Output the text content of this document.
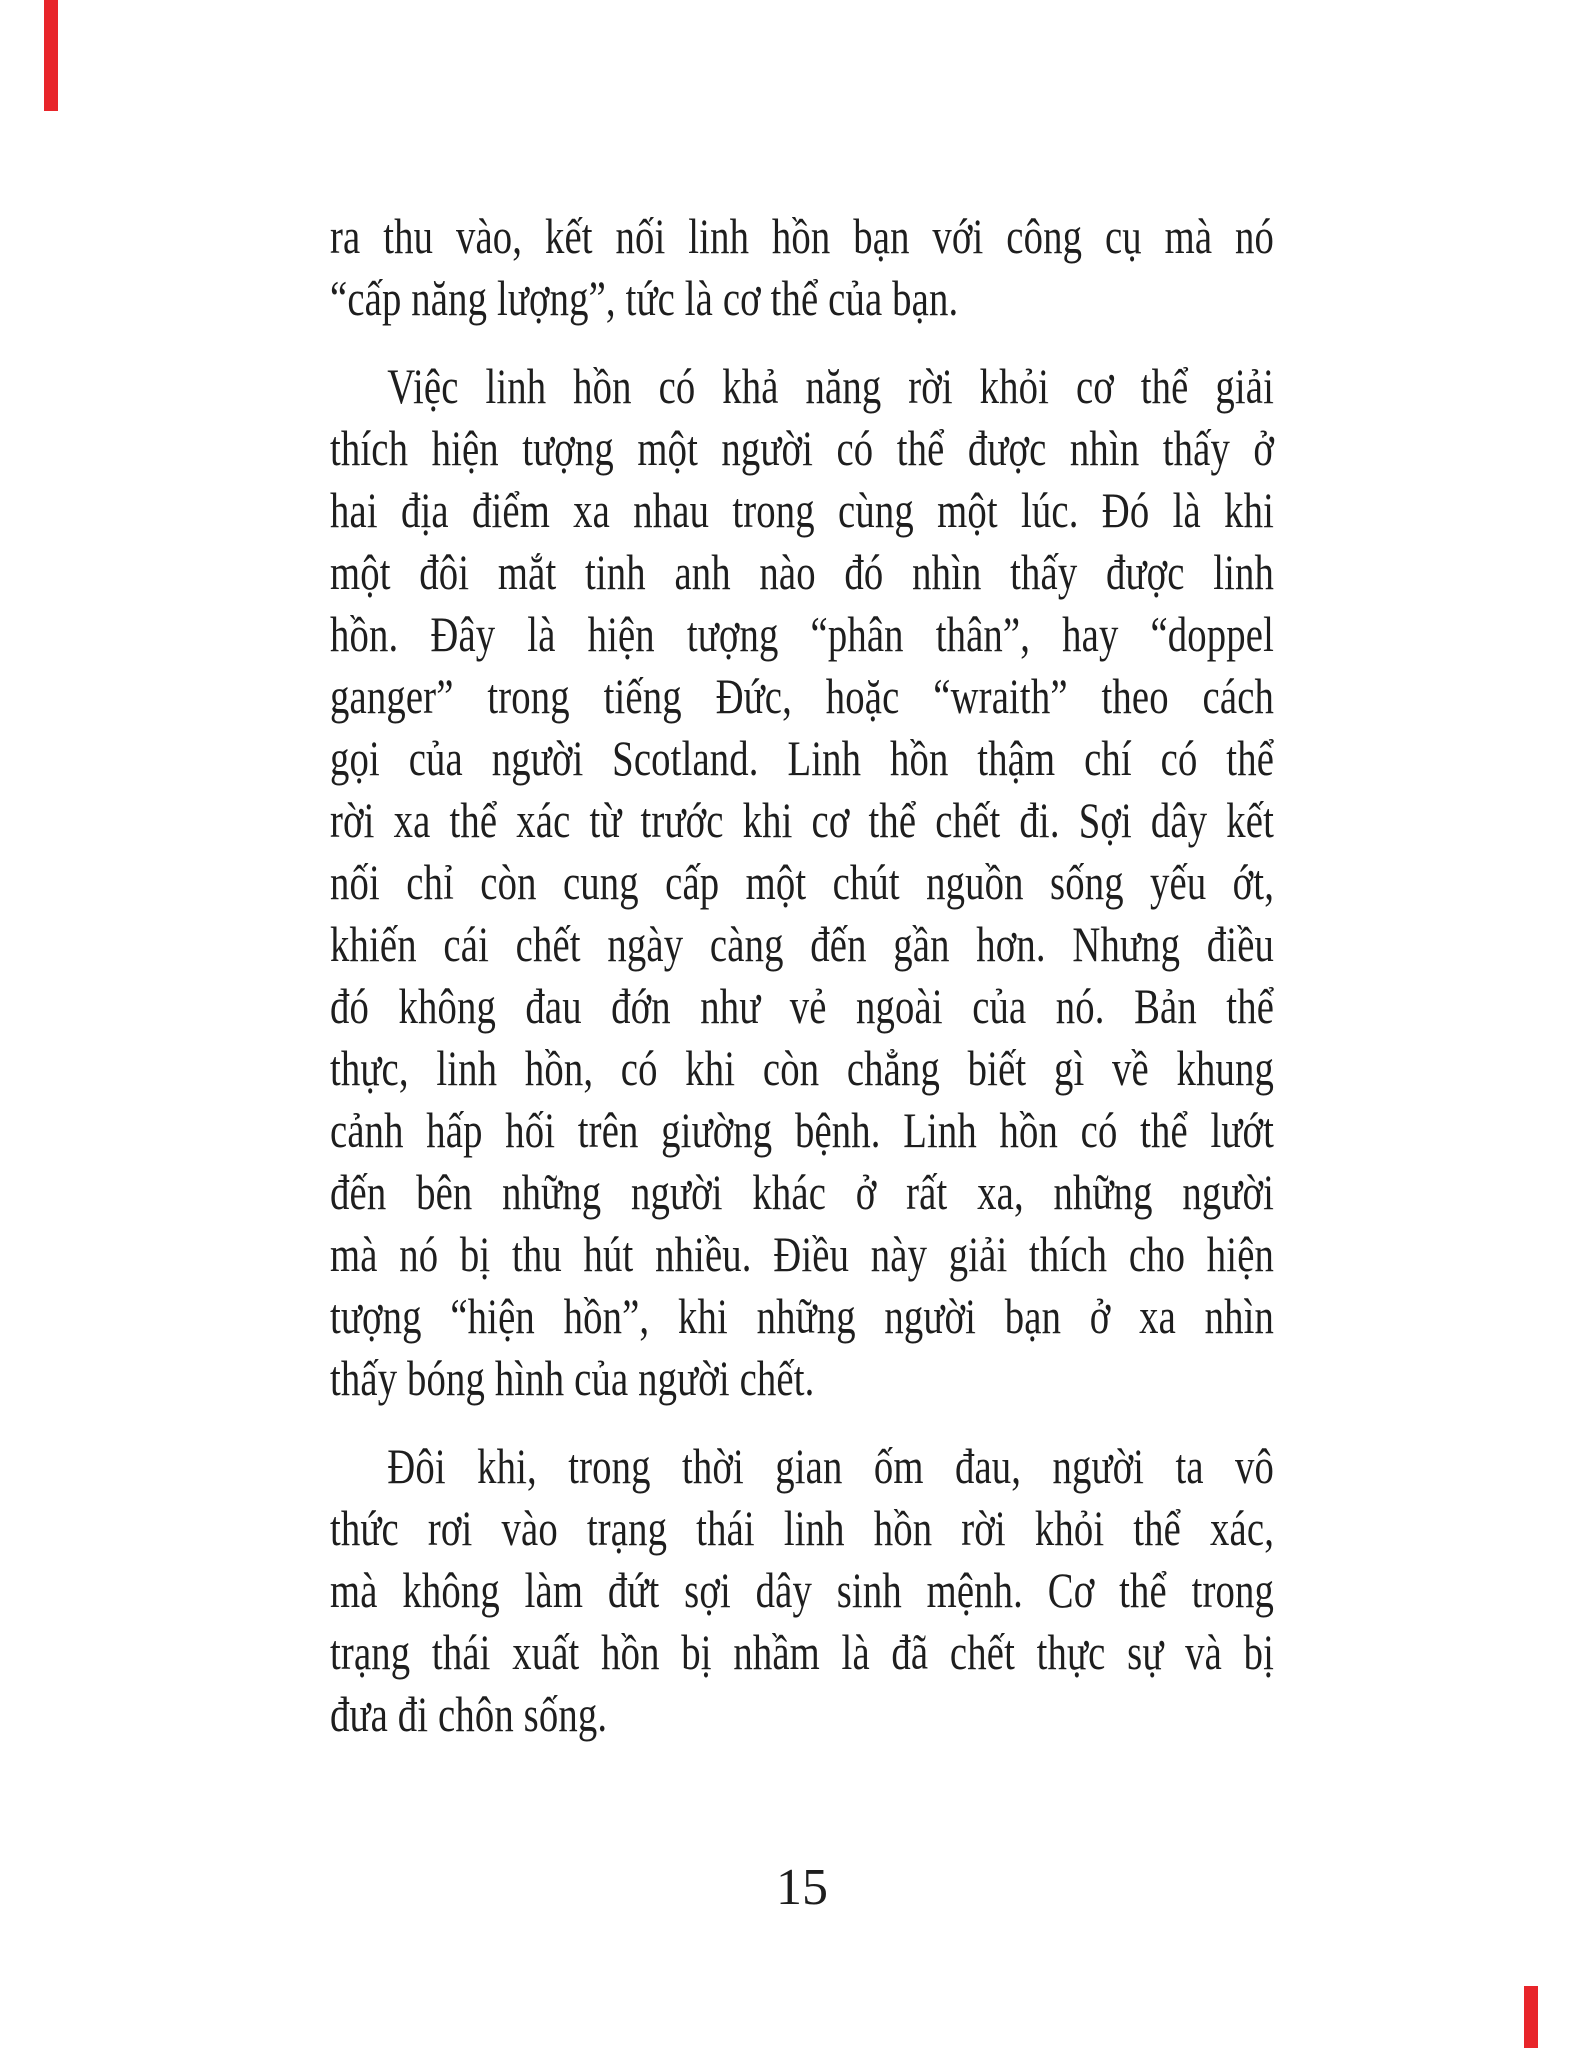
ra thu vào, kết nối linh hồn bạn với công cụ mà nó
“cấp năng lượng”, tức là cơ thể của bạn.
Việc linh hồn có khả năng rời khỏi cơ thể giải
thích hiện tượng một người có thể được nhìn thấy ở
hai địa điểm xa nhau trong cùng một lúc. Đó là khi
một đôi mắt tinh anh nào đó nhìn thấy được linh
hồn. Đây là hiện tượng “phân thân”, hay “doppel
ganger” trong tiếng Đức, hoặc “wraith” theo cách
gọi của người Scotland. Linh hồn thậm chí có thể
rời xa thể xác từ trước khi cơ thể chết đi. Sợi dây kết
nối chỉ còn cung cấp một chút nguồn sống yếu ớt,
khiến cái chết ngày càng đến gần hơn. Nhưng điều
đó không đau đớn như vẻ ngoài của nó. Bản thể
thực, linh hồn, có khi còn chẳng biết gì về khung
cảnh hấp hối trên giường bệnh. Linh hồn có thể lướt
đến bên những người khác ở rất xa, những người
mà nó bị thu hút nhiều. Điều này giải thích cho hiện
tượng “hiện hồn”, khi những người bạn ở xa nhìn
thấy bóng hình của người chết.
Đôi khi, trong thời gian ốm đau, người ta vô
thức rơi vào trạng thái linh hồn rời khỏi thể xác,
mà không làm đứt sợi dây sinh mệnh. Cơ thể trong
trạng thái xuất hồn bị nhầm là đã chết thực sự và bị
đưa đi chôn sống.
15
